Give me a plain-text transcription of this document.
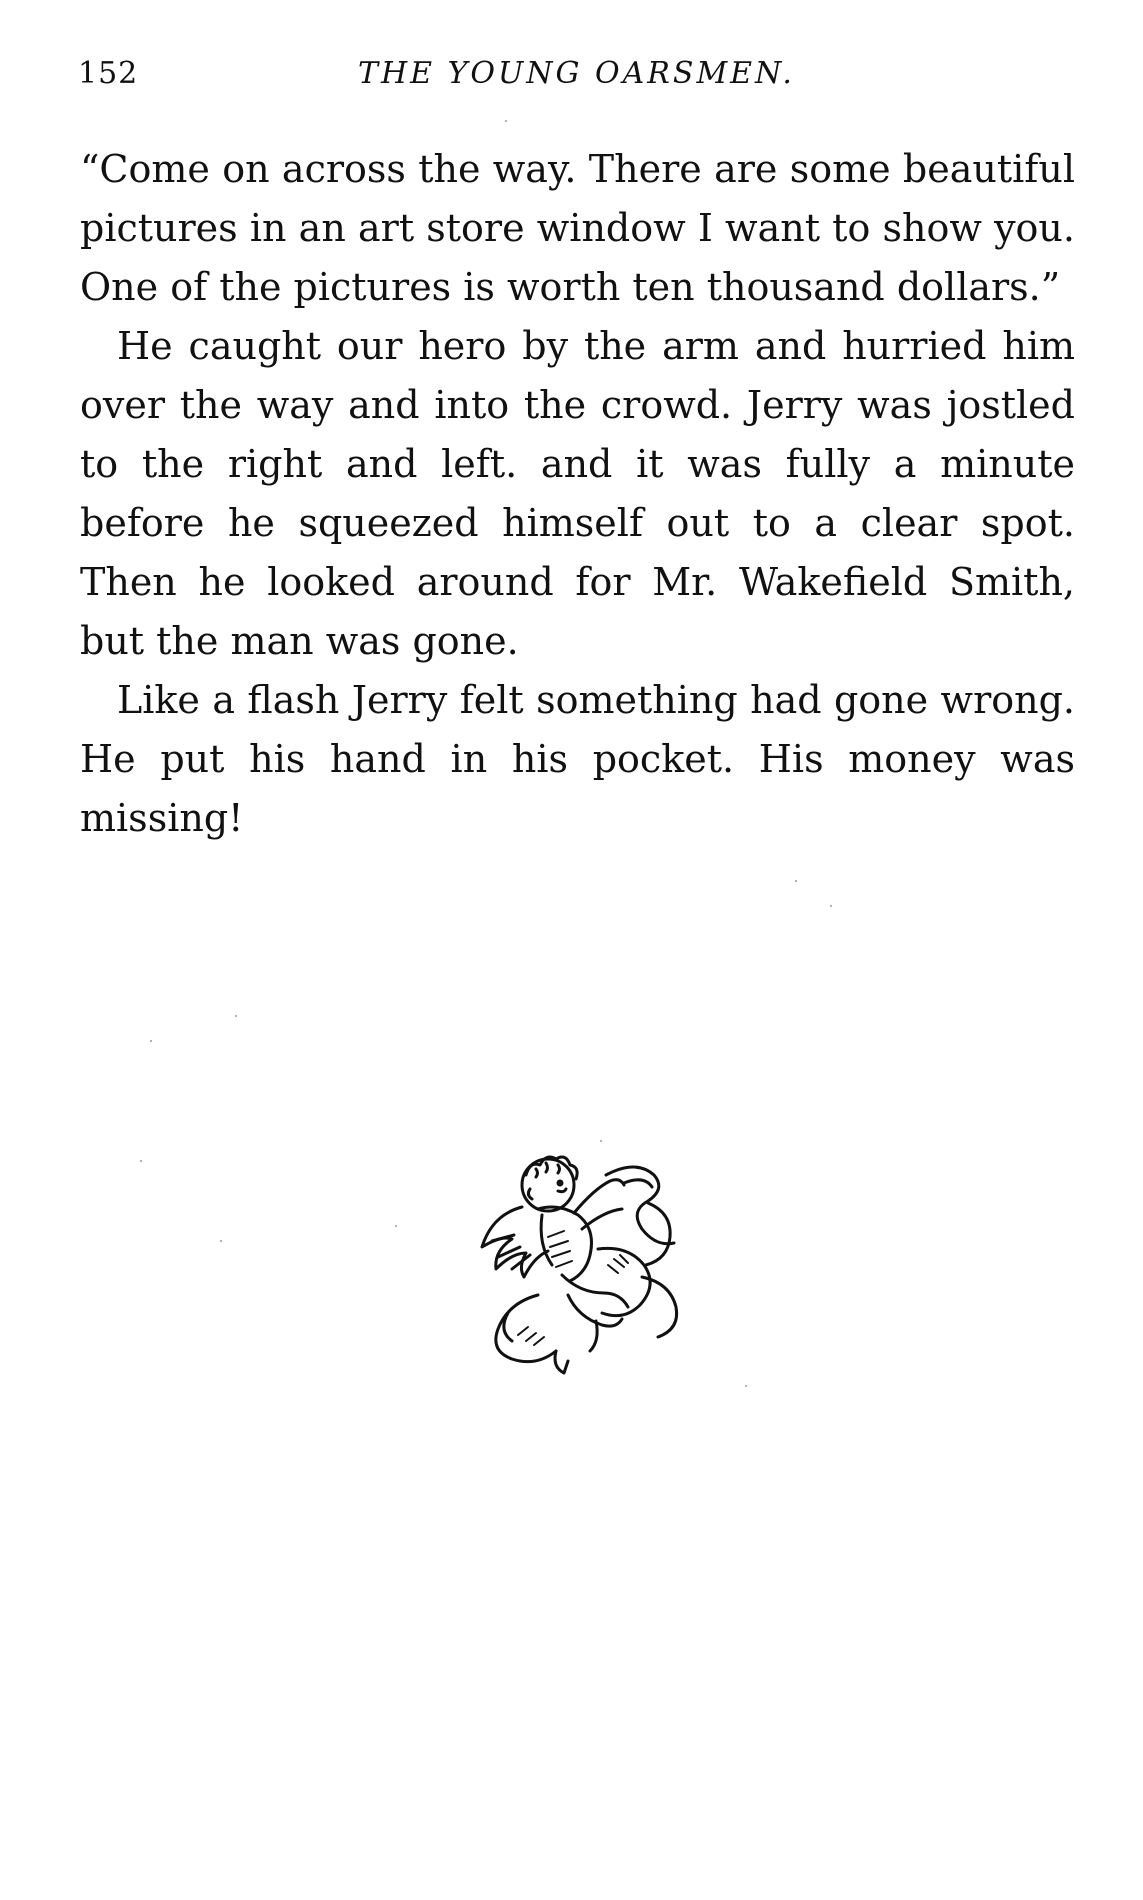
152	THE YOUNG OARSMEN.

“Come on across the way. There are some beautiful pictures in an art store window I want to show you. One of the pictures is worth ten thousand dollars.”

He caught our hero by the arm and hurried him over the way and into the crowd. Jerry was jostled to the right and left. and it was fully a minute before he squeezed himself out to a clear spot. Then he looked around for Mr. Wakefield Smith, but the man was gone.

Like a flash Jerry felt something had gone wrong. He put his hand in his pocket. His money was missing!
